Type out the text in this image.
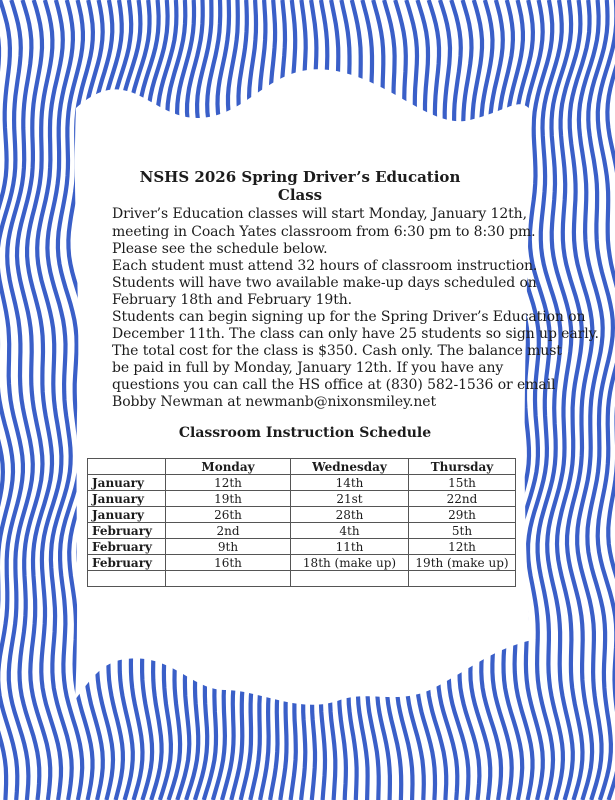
NSHS 2026 Spring Driver’s Education Class
Driver’s Education classes will start Monday, January 12th,
meeting in Coach Yates classroom from 6:30 pm to 8:30 pm.
Please see the schedule below.
Each student must attend 32 hours of classroom instruction.
Students will have two available make-up days scheduled on
February 18th and February 19th.
Students can begin signing up for the Spring Driver’s Education on
December 11th. The class can only have 25 students so sign up early.
The total cost for the class is $350. Cash only. The balance must
be paid in full by Monday, January 12th. If you have any
questions you can call the HS office at (830) 582-1536 or email
Bobby Newman at newmanb@nixonsmiley.net
Classroom Instruction Schedule
	Monday	Wednesday	Thursday
January	12th	14th	15th
January	19th	21st	22nd
January	26th	28th	29th
February	2nd	4th	5th
February	9th	11th	12th
February	16th	18th (make up)	19th (make up)
